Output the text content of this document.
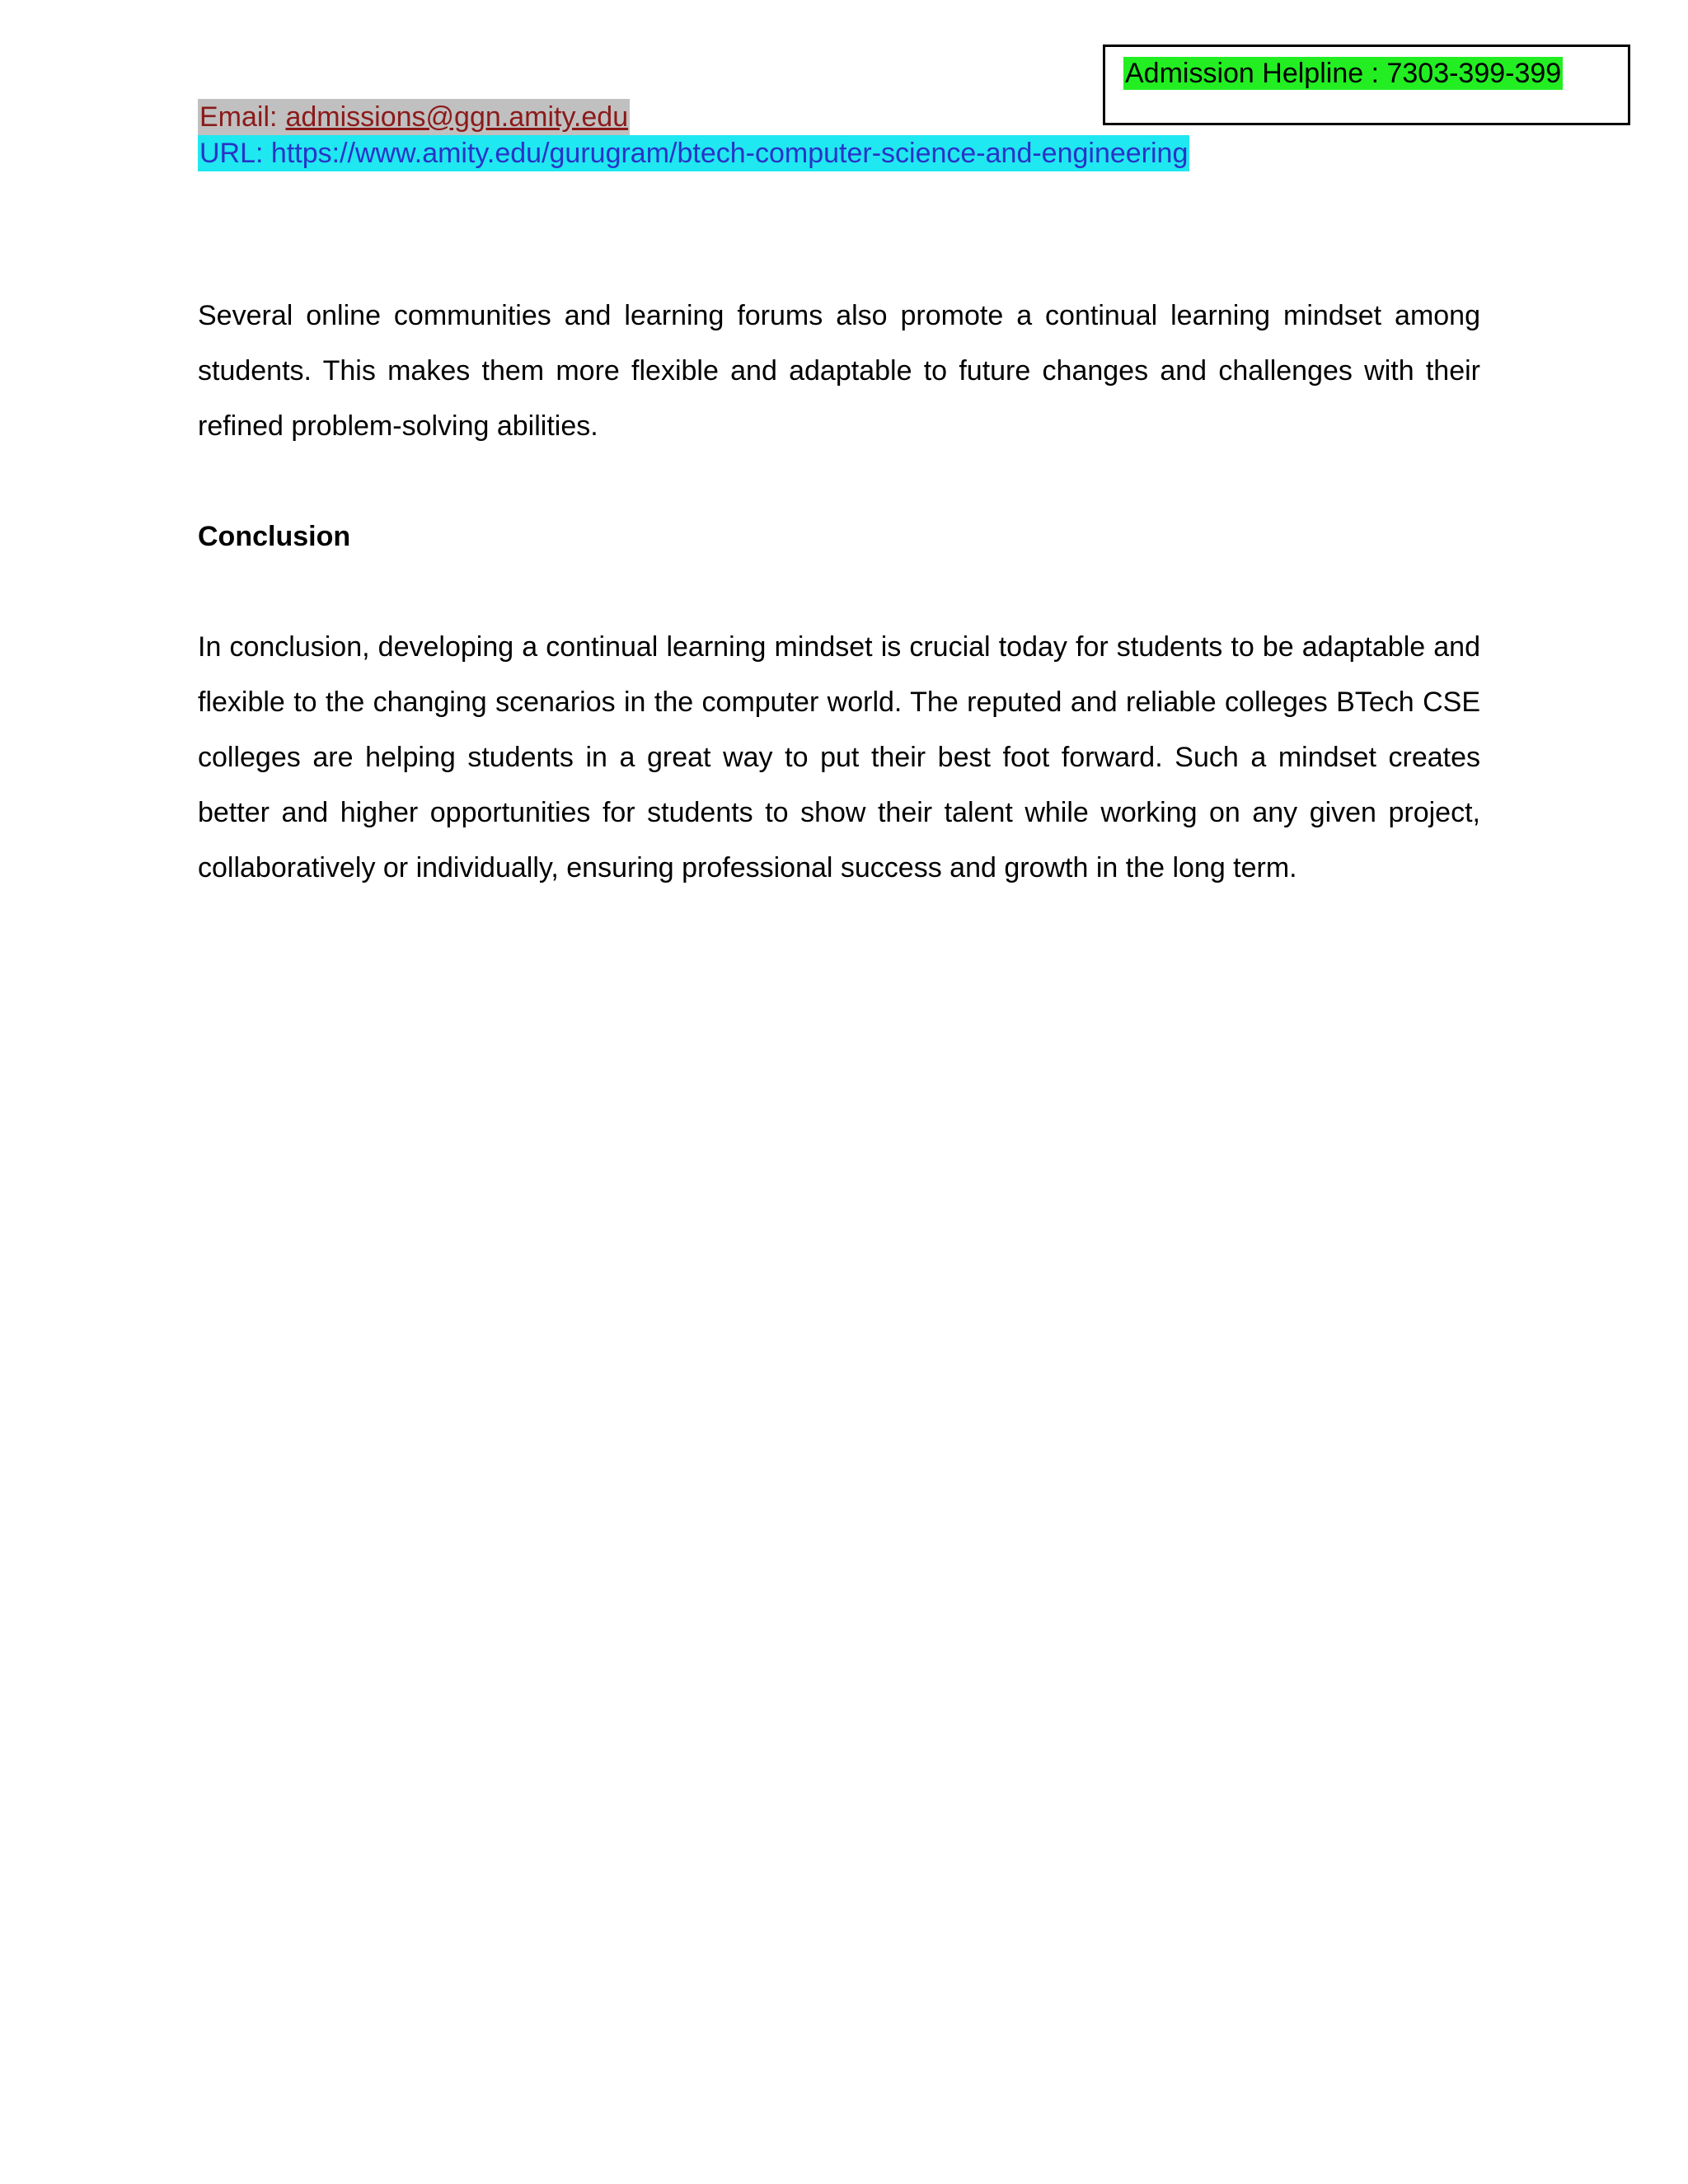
Admission Helpline : 7303-399-399
Email: admissions@ggn.amity.edu
URL: https://www.amity.edu/gurugram/btech-computer-science-and-engineering

Several online communities and learning forums also promote a continual learning mindset among students. This makes them more flexible and adaptable to future changes and challenges with their refined problem-solving abilities.

Conclusion

In conclusion, developing a continual learning mindset is crucial today for students to be adaptable and flexible to the changing scenarios in the computer world. The reputed and reliable colleges BTech CSE colleges are helping students in a great way to put their best foot forward. Such a mindset creates better and higher opportunities for students to show their talent while working on any given project, collaboratively or individually, ensuring professional success and growth in the long term.
